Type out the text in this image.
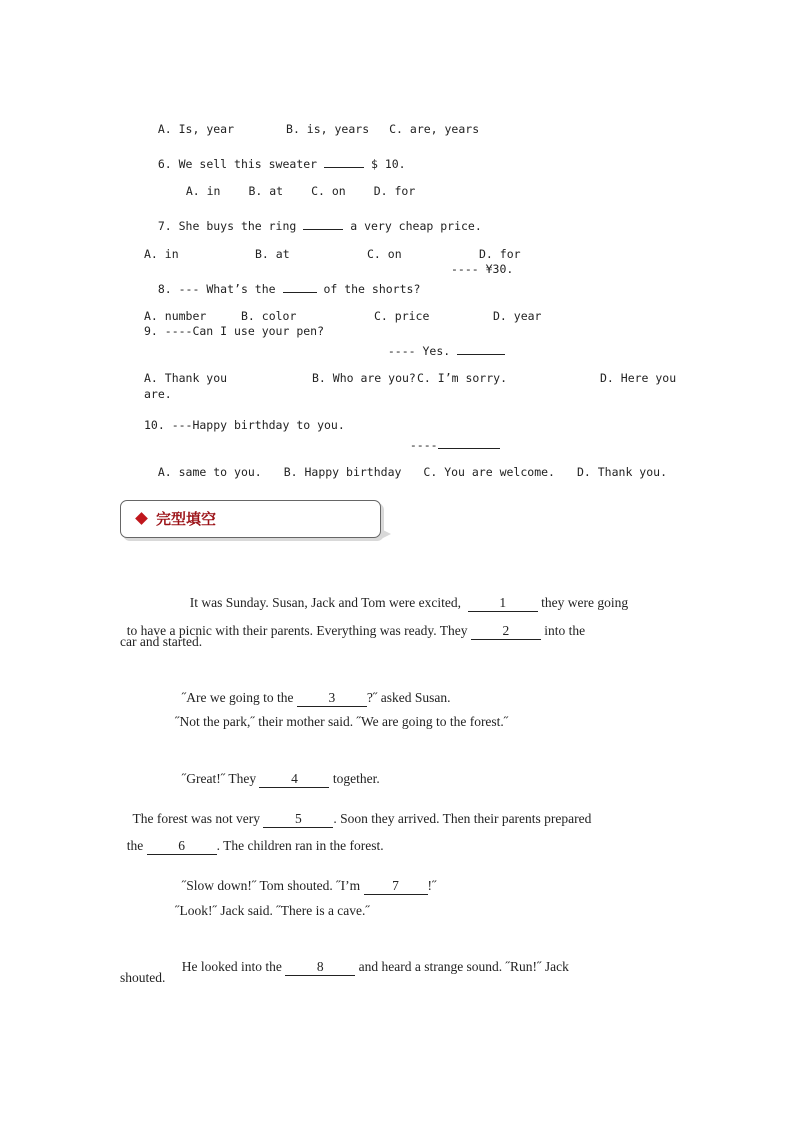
A. Is, year	B. is, years C. are, years

6. We sell this sweater	$ 10.

A. in B. at C. on D. for

7. She buys the ring	a very cheap price.

A. in	B. at	C. on	D. for

8. --- What’s the	of the shorts?

---- ¥30.

A. number	B. color	C. price	D. year

9. ----Can I use your pen?

---- Yes.

A. Thank you	B. Who are you? C. I’m sorry.	D. Here you

are.
10. ---Happy birthday to you.

----

A. same to you. B. Happy birthday C. You are welcome. D. Thank you.

完型填空

It was Sunday. Susan, Jack and Tom were excited,	1	they were going

to have a picnic with their parents. Everything was ready. They	2	into the

car and started.

˝Are we going to the	3 ?˝ asked Susan.

˝Not the park,˝ their mother said. ˝We are going to the forest.˝

˝Great!˝ They	4	together.

The forest was not very	5 . Soon they arrived. Then their parents prepared

the	6 . The children ran in the forest.

˝Slow down!˝ Tom shouted. ˝I’m 7 !˝

˝Look!˝ Jack said. ˝There is a cave.˝

He looked into the	8	and heard a strange sound. ˝Run!˝ Jack

shouted.
